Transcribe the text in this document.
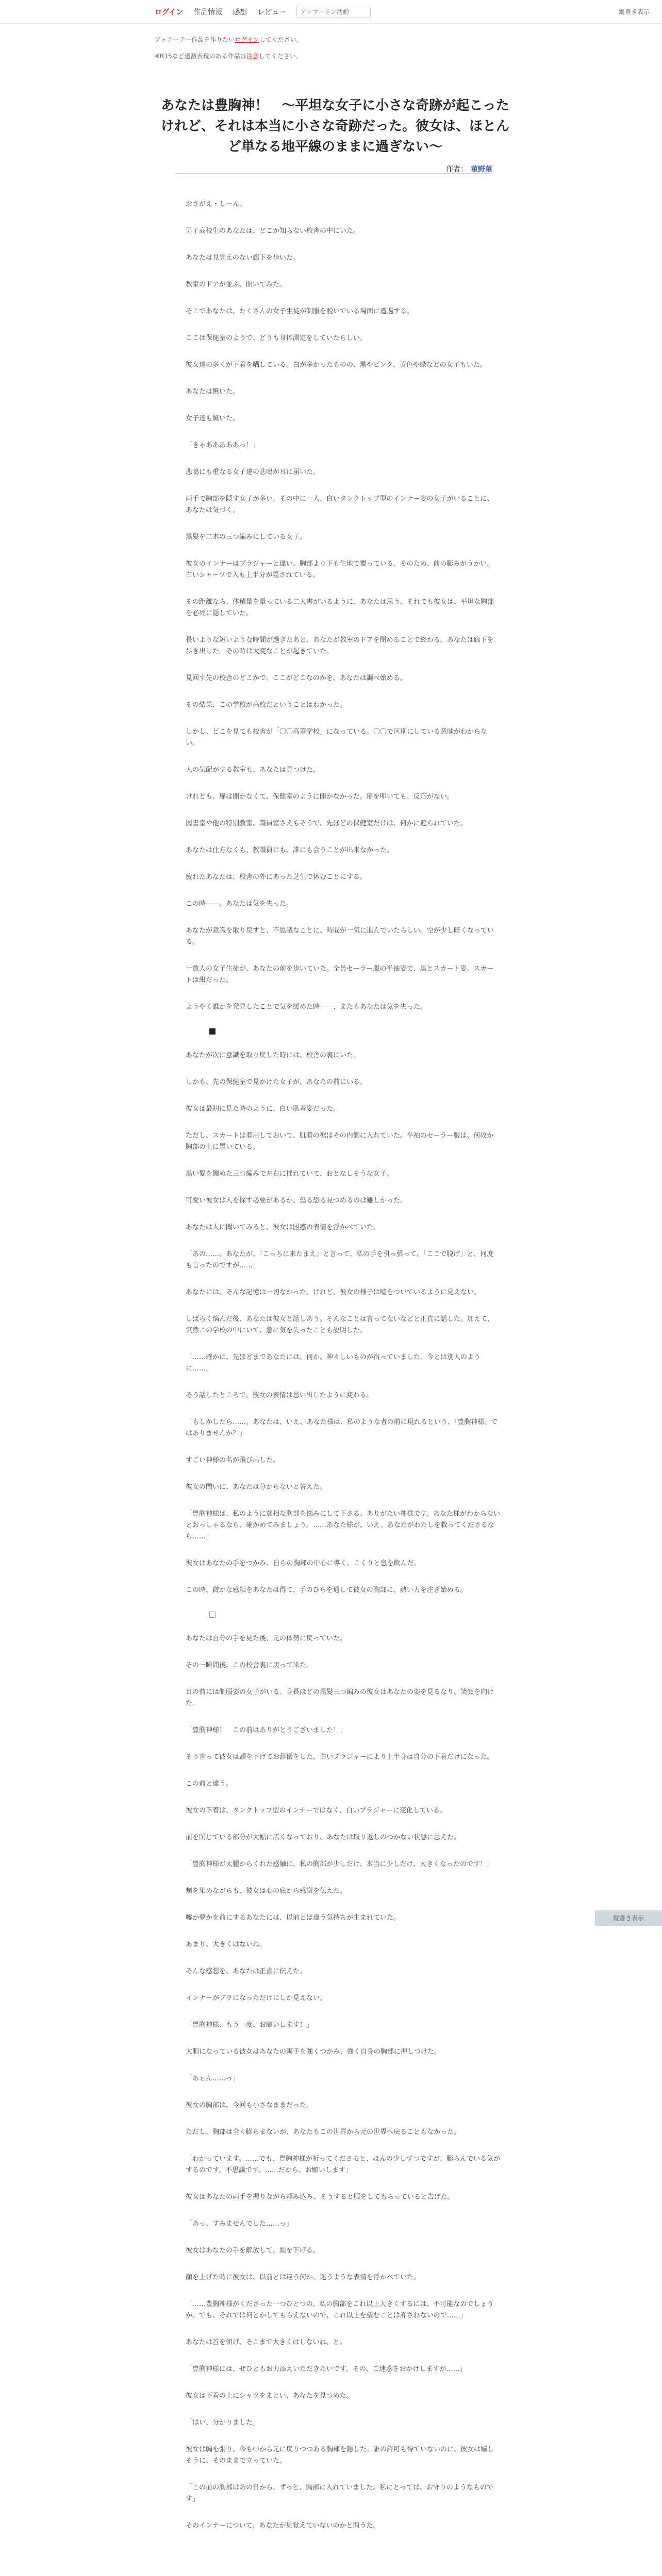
ログイン 作品情報 感想 レビュー
アッマーテン活動	縦書き表示
アッテーテー作品を作りたいログインしてください。
※R15など過激表現のある作品は注意してください。
あなたは豊胸神！　〜平坦な女子に小さな奇跡が起こったけれど、それは本当に小さな奇跡だった。彼女は、ほとんど単なる地平線のままに過ぎない〜
作者： 菫野菫

おさがえ・しーん。

男子高校生のあなたは、どこか知らない校舎の中にいた。

あなたは見覚えのない廊下を歩いた。

教室のドアが並ぶ、開いてみた。

そこであなたは、たくさんの女子生徒が制服を脱いでいる場面に遭遇する。

ここは保健室のようで、どうも身体測定をしていたらしい。

彼女達の多くが下着を晒している。白が多かったものの、黒やピンク、黄色や緑などの女子もいた。

あなたは驚いた。

女子達も驚いた。

「きゃあああああっ！」

悲鳴にも重なる女子達の悲鳴が耳に届いた。

両手で胸部を隠す女子が多い。その中に一人、白いタンクトップ型のインナー姿の女子がいることに、あなたは気づく。

黒髪を二本の三つ編みにしている女子。

彼女のインナーはブラジャーと違い、胸部より下も生地で覆っている。そのため、前の膨みがうかい。白いシャーツで入も上半分が隠されている。

その距離なら、体積量を量っている二大書がいるように、あなたは思う。それでも彼女は、平坦な胸部を必死に隠していた。

長いような短いような時間が過ぎたあと、あなたが教室のドアを閉めることで終わる。あなたは廊下を歩き出した。その時は大変なことが起きていた。

見回す先の校舎のどこかで、ここがどこなのかを、あなたは調べ始める。

その結果、この学校が高校だということはわかった。

しかし、どこを見ても校舎が「〇〇高等学校」になっている。〇〇で区別にしている意味がわからない。

人の気配がする教室も、あなたは見つけた。

けれども、扉は開かなくて、保健室のように開かなかった。扉を叩いても、反応がない。

図書室や他の特別教室、職員室さえもそうで、先ほどの保健室だけは、何かに遮られていた。

あなたは仕方なくも、教職員にも、誰にも会うことが出来なかった。

疲れたあなたは、校舎の外にあった芝生で休むことにする。

この時——。あなたは気を失った。

あなたが意識を取り戻すと、不思議なことに、時間が一気に進んでいたらしい。空が少し暗くなっている。

十数人の女子生徒が、あなたの前を歩いていた。全員セーラー服の半袖姿で、黒とスカート姿。スカートは紺だった。

ようやく誰かを発見したことで気を緩めた時——、またもあなたは気を失った。

あなたが次に意識を取り戻した時には、校舎の裏にいた。

しかも、先の保健室で見かけた女子が、あなたの前にいる。

彼女は最初に見た時のように、白い肌着姿だった。

ただし、スカートは着用しておいて、肌着の裾はその内側に入れていた。半袖のセーラー服は、何故か胸部の上に置いている。

黒い髪を纏めた三つ編みで左右に揺れていて、おとなしそうな女子。

可愛い彼女は人を探す必要があるか、恐る恐る見つめるのは難しかった。

あなたは人に聞いてみると、彼女は困惑の表情を浮かべていた。

「あの……。あなたが、『こっちに来たまえ』と言って、私の手を引っ張って、「ここで脱げ」と、何度も言ったのですが……」

あなたには、そんな記憶は一切なかった。けれど、彼女の様子は嘘をついているように見えない。

しばらく悩んだ後、あなたは彼女と話しあう。そんなことは言ってないなどと正直に話した。加えて、突然この学校の中にいて、急に気を失ったことも説明した。

「……確かに、先ほどまであなたには、何か、神々しいものが宿っていました。今とは別人のように……」

そう話したところで、彼女の表情は思い出したように変わる。

「もしかしたら……。あなたは、いえ、あなた様は、私のような者の前に現れるという、『豊胸神様』ではありませんか？」

すごい神様の名が飛び出した。

彼女の問いに、あなたは分からないと答えた。

「豊胸神様は、私のように貧相な胸部を悩みにして下さる、ありがたい神様です。あなた様がわからないとおっしゃるなら、確かめてみましょう。……あなた様が、いえ、あなたがわたしを救ってくださるなら……」

彼女はあなたの手をつかみ、自らの胸部の中心に導く。こくりと息を飲んだ。

この時、微かな感触をあなたは得て、手のひらを通して彼女の胸部に、熱い力を注ぎ始める。

あなたは自分の手を見た後、元の体勢に戻っていた。

その一瞬間後、この校舎裏に戻って来た。

目の前には制服姿の女子がいる。身長ほどの黒髪三つ編みの彼女はあなたの姿を見るなり、笑顔を向けた。

「豊胸神様！　この前はありがとうございました！」

そう言って彼女は頭を下げてお辞儀をした。白いブラジャーにより上半身は自分の下着だけになった。

この前と違う。

彼女の下着は、タンクトップ型のインナーではなく、白いブラジャーに変化している。

前を閉じている部分が大幅に広くなっており、あなたは取り返しのつかない状態に思えた。

「豊胸神様が太腿からくれた感触に、私の胸部が少しだけ、本当に少しだけ、大きくなったのです！」

頬を染めながらも、彼女は心の底から感謝を伝えた。

嘘か夢かを前にするあなたには、以前とは違う気持ちが生まれていた。

あまり、大きくはないね。

そんな感想を、あなたは正直に伝えた。

インナーがブラになっただけにしか見えない。

「豊胸神様、もう一度、お願いします！」

大胆になっている彼女はあなたの両手を強くつかみ、強く自身の胸部に押しつけた。

「あぁん……っ」

彼女の胸部は、今回も小さなままだった。

ただし、胸部は全く膨らまないが、あなたもこの世界から元の世界へ戻ることもなかった。

「わかっています。……でも、豊胸神様が祈ってくださると、ほんの少しずつですが、膨らんでいる気がするのです。不思議です。……だから、お願いします」

彼女はあなたの両手を握りながら頼み込み、そうすると服をしてもらっていると告げた。

「あっ、すみませんでした……っ」

彼女はあなたの手を解放して、頭を下げる。

顔を上げた時に彼女は、以前とは違う何か、迷うような表情を浮かべていた。

「……豊胸神様がくださった一つひとつの、私の胸部をこれ以上大きくするには、不可能なのでしょうか。でも、それでは何とかしてもらえないので、これ以上を望むことは許されないので……」

あなたは首を傾げ、そこまで大きくはしないね、と。

「豊胸神様には、ぜひともお力添えいただきたいです。その、ご迷惑をおかけしますが……」

彼女は下着の上にシャツをまとい、あなたを見つめた。

「はい、分かりました」

彼女は胸を張り、今も中から元に戻りつつある胸部を隠した。誰の許可も得ていないのに、彼女は嬉しそうに、そのままで立っていた。

「この前の胸部はあの日から、ずっと、胸部に入れていました。私にとっては、お守りのようなものです」

そのインナーについて、あなたが見覚えていないのかと問うた。

縦書き表示
